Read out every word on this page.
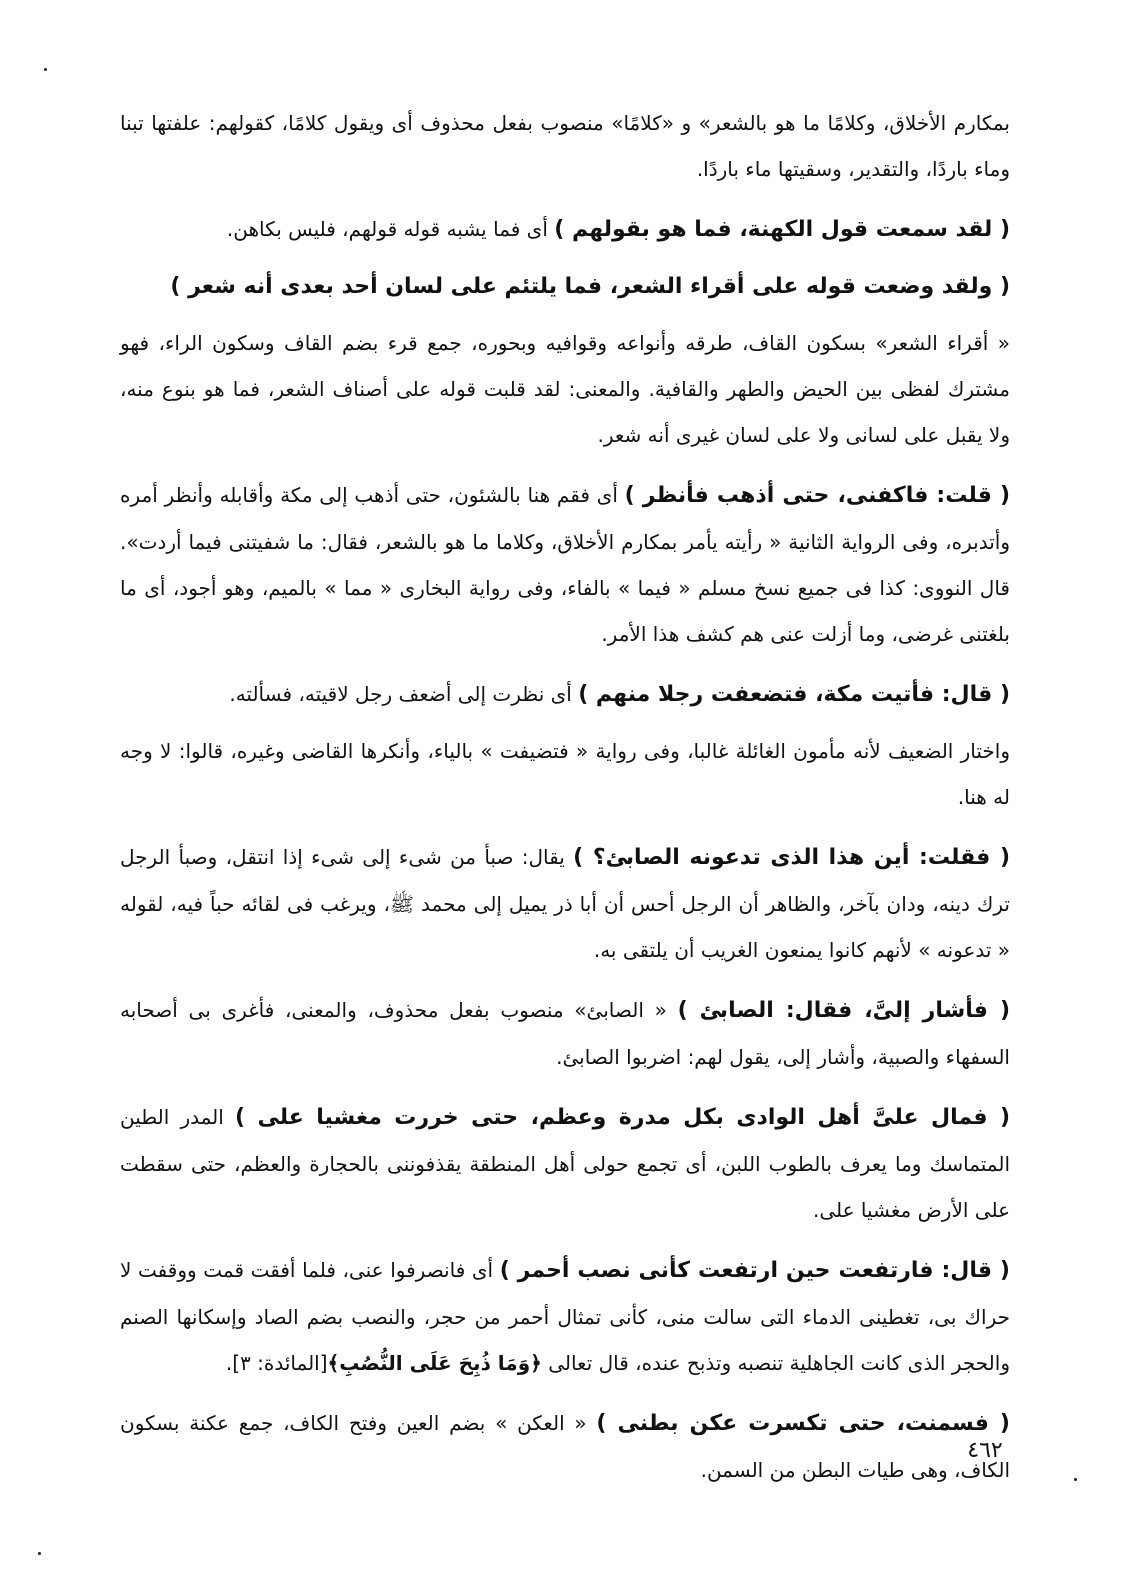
بمكارم الأخلاق، وكلامًا ما هو بالشعر» و «كلامًا» منصوب بفعل محذوف أى ويقول كلامًا، كقولهم: علفتها تبنا وماء باردًا، والتقدير، وسقيتها ماء باردًا.

( لقد سمعت قول الكهنة، فما هو بقولهم ) أى فما يشبه قوله قولهم، فليس بكاهن.

( ولقد وضعت قوله على أقراء الشعر، فما يلتئم على لسان أحد بعدى أنه شعر )

« أقراء الشعر» بسكون القاف، طرقه وأنواعه وقوافيه وبحوره، جمع قرء بضم القاف وسكون الراء، فهو مشترك لفظى بين الحيض والطهر والقافية. والمعنى: لقد قلبت قوله على أصناف الشعر، فما هو بنوع منه، ولا يقبل على لسانى ولا على لسان غيرى أنه شعر.

( قلت: فاكفنى، حتى أذهب فأنظر ) أى فقم هنا بالشئون، حتى أذهب إلى مكة وأقابله وأنظر أمره وأتدبره، وفى الرواية الثانية « رأيته يأمر بمكارم الأخلاق، وكلاما ما هو بالشعر، فقال: ما شفيتنى فيما أردت». قال النووى: كذا فى جميع نسخ مسلم « فيما » بالفاء، وفى رواية البخارى « مما » بالميم، وهو أجود، أى ما بلغتنى غرضى، وما أزلت عنى هم كشف هذا الأمر.

( قال: فأتيت مكة، فتضعفت رجلا منهم ) أى نظرت إلى أضعف رجل لاقيته، فسألته.

واختار الضعيف لأنه مأمون الغائلة غالبا، وفى رواية « فتضيفت » بالياء، وأنكرها القاضى وغيره، قالوا: لا وجه له هنا.

( فقلت: أين هذا الذى تدعونه الصابئ؟ ) يقال: صبأ من شىء إلى شىء إذا انتقل، وصبأ الرجل ترك دينه، ودان بآخر، والظاهر أن الرجل أحس أن أبا ذر يميل إلى محمد ﷺ، ويرغب فى لقائه حباً فيه، لقوله « تدعونه » لأنهم كانوا يمنعون الغريب أن يلتقى به.

( فأشار إلىَّ، فقال: الصابئ ) « الصابئ» منصوب بفعل محذوف، والمعنى، فأغرى بى أصحابه السفهاء والصبية، وأشار إلى، يقول لهم: اضربوا الصابئ.

( فمال علىَّ أهل الوادى بكل مدرة وعظم، حتى خررت مغشيا على ) المدر الطين المتماسك وما يعرف بالطوب اللبن، أى تجمع حولى أهل المنطقة يقذفوننى بالحجارة والعظم، حتى سقطت على الأرض مغشيا على.

( قال: فارتفعت حين ارتفعت كأنى نصب أحمر ) أى فانصرفوا عنى، فلما أفقت قمت ووقفت لا حراك بى، تغطينى الدماء التى سالت منى، كأنى تمثال أحمر من حجر، والنصب بضم الصاد وإسكانها الصنم والحجر الذى كانت الجاهلية تنصبه وتذبح عنده، قال تعالى ﴿وَمَا ذُبِحَ عَلَى النُّصُبِ﴾[المائدة: ٣].

( فسمنت، حتى تكسرت عكن بطنى ) « العكن » بضم العين وفتح الكاف، جمع عكنة بسكون الكاف، وهى طيات البطن من السمن.

٤٦٢
